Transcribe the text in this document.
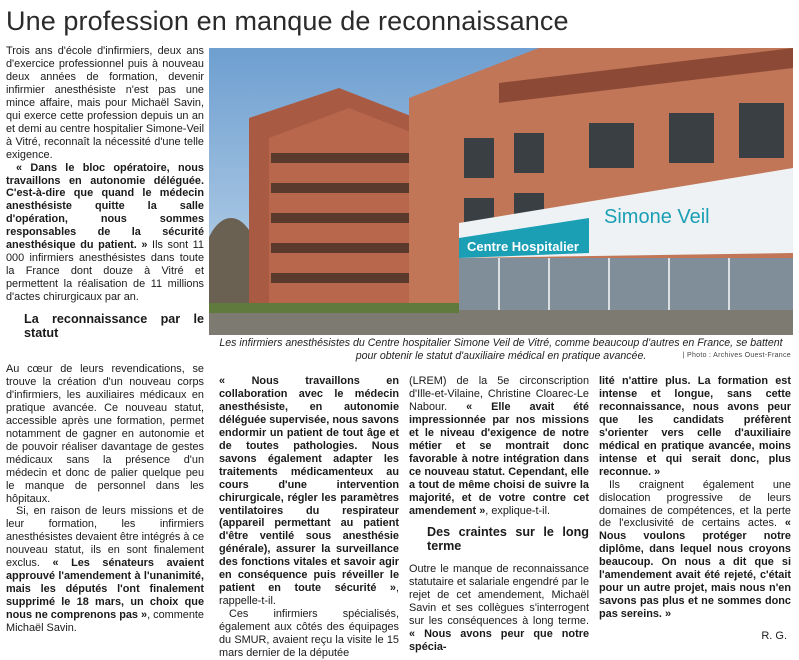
Une profession en manque de reconnaissance

Trois ans d'école d'infirmiers, deux ans d'exercice professionnel puis à nouveau deux années de formation, devenir infirmier anesthésiste n'est pas une mince affaire, mais pour Michaël Savin, qui exerce cette profession depuis un an et demi au centre hospitalier Simone-Veil à Vitré, reconnaît la nécessité d'une telle exigence.

« Dans le bloc opératoire, nous travaillons en autonomie déléguée. C'est-à-dire que quand le médecin anesthésiste quitte la salle d'opération, nous sommes responsables de la sécurité anesthésique du patient. » Ils sont 11 000 infirmiers anesthésistes dans toute la France dont douze à Vitré et permettent la réalisation de 11 millions d'actes chirurgicaux par an.

La reconnaissance par le statut

Au cœur de leurs revendications, se trouve la création d'un nouveau corps d'infirmiers, les auxiliaires médicaux en pratique avancée. Ce nouveau statut, accessible après une formation, permet notamment de gagner en autonomie et de pouvoir réaliser davantage de gestes médicaux sans la présence d'un médecin et donc de palier quelque peu le manque de personnel dans les hôpitaux.

Si, en raison de leurs missions et de leur formation, les infirmiers anesthésistes devaient être intégrés à ce nouveau statut, ils en sont finalement exclus. « Les sénateurs avaient approuvé l'amendement à l'unanimité, mais les députés l'ont finalement supprimé le 18 mars, un choix que nous ne comprenons pas », commente Michaël Savin.

Centre Hospitalier
Simone Veil
Les infirmiers anesthésistes du Centre hospitalier Simone Veil de Vitré, comme beaucoup d'autres en France, se battent pour obtenir le statut d'auxiliaire médical en pratique avancée.	| Photo : Archives Ouest-France

« Nous travaillons en collaboration avec le médecin anesthésiste, en autonomie déléguée supervisée, nous savons endormir un patient de tout âge et de toutes pathologies. Nous savons également adapter les traitements médicamenteux au cours d'une intervention chirurgicale, régler les paramètres ventilatoires du respirateur (appareil permettant au patient d'être ventilé sous anesthésie générale), assurer la surveillance des fonctions vitales et savoir agir en conséquence puis réveiller le patient en toute sécurité », rappelle-t-il.

Ces infirmiers spécialisés, également aux côtés des équipages du SMUR, avaient reçu la visite le 15 mars dernier de la députée

(LREM) de la 5e circonscription d'Ille-et-Vilaine, Christine Cloarec-Le Nabour. « Elle avait été impressionnée par nos missions et le niveau d'exigence de notre métier et se montrait donc favorable à notre intégration dans ce nouveau statut. Cependant, elle a tout de même choisi de suivre la majorité, et de votre contre cet amendement », explique-t-il.

Des craintes sur le long terme

Outre le manque de reconnaissance statutaire et salariale engendré par le rejet de cet amendement, Michaël Savin et ses collègues s'interrogent sur les conséquences à long terme. « Nous avons peur que notre spécia-

lité n'attire plus. La formation est intense et longue, sans cette reconnaissance, nous avons peur que les candidats préfèrent s'orienter vers celle d'auxiliaire médical en pratique avancée, moins intense et qui serait donc, plus reconnue. »

Ils craignent également une dislocation progressive de leurs domaines de compétences, et la perte de l'exclusivité de certains actes. « Nous voulons protéger notre diplôme, dans lequel nous croyons beaucoup. On nous a dit que si l'amendement avait été rejeté, c'était pour un autre projet, mais nous n'en savons pas plus et ne sommes donc pas sereins. »

R. G.
